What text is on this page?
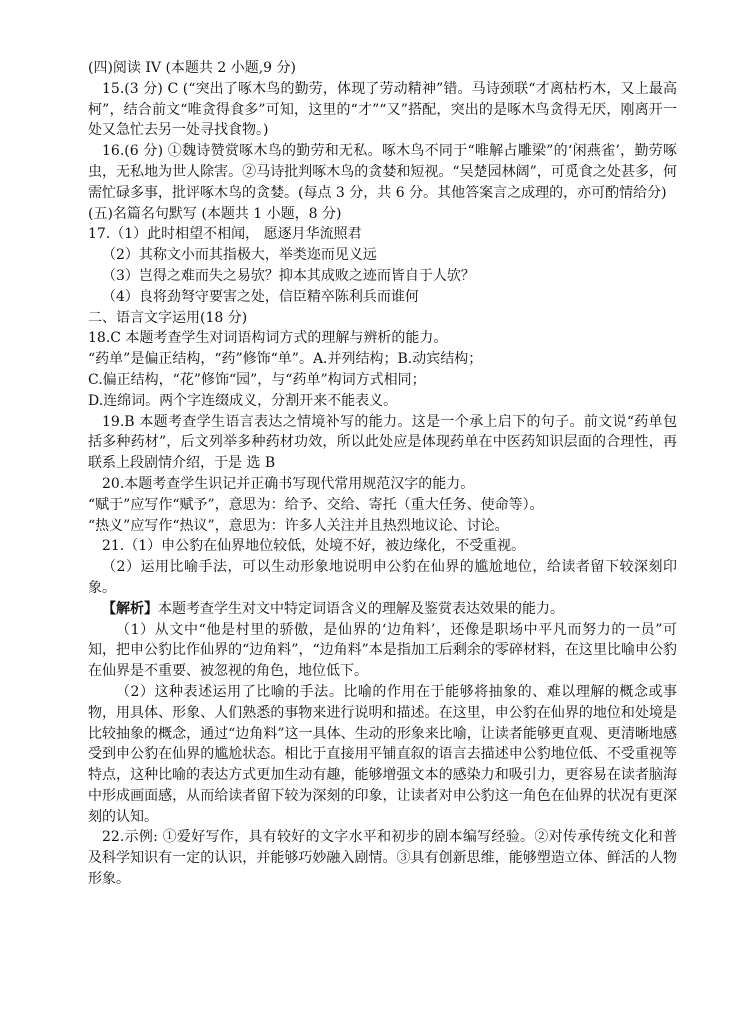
(四)阅读 IV (本题共 2 小题,9 分)

15.(3 分) C (“突出了啄木鸟的勤劳，体现了劳动精神”错。马诗颈联“才离枯朽木，又上最高柯”，结合前文“唯贪得食多”可知，这里的“才”“又”搭配，突出的是啄木鸟贪得无厌，刚离开一处又急忙去另一处寻找食物。)

16.(6 分) ①魏诗赞赏啄木鸟的勤劳和无私。啄木鸟不同于“唯解占雕梁”的‘闲燕雀’，勤劳啄虫，无私地为世人除害。②马诗批判啄木鸟的贪婪和短视。“吴楚园林阔”，可觅食之处甚多，何需忙碌多事，批评啄木鸟的贪婪。(每点 3 分，共 6 分。其他答案言之成理的，亦可酌情给分)

(五)名篇名句默写 (本题共 1 小题，8 分)

17.（1）此时相望不相闻， 愿逐月华流照君

（2）其称文小而其指极大，举类迩而见义远

（3）岂得之难而失之易欤？抑本其成败之迹而皆自于人欤？

（4）良将劲弩守要害之处，信臣精卒陈利兵而谁何

二、语言文字运用(18 分)

18.C 本题考查学生对词语构词方式的理解与辨析的能力。

“药单”是偏正结构，“药”修饰“单”。A.并列结构；B.动宾结构；

C.偏正结构，“花”修饰“园”，与“药单”构词方式相同；

D.连绵词。两个字连缀成义，分割开来不能表义。

19.B 本题考查学生语言表达之情境补写的能力。这是一个承上启下的句子。前文说“药单包括多种药材”，后文列举多种药材功效，所以此处应是体现药单在中医药知识层面的合理性，再联系上段剧情介绍，于是 选 B

20.本题考查学生识记并正确书写现代常用规范汉字的能力。

“赋于”应写作“赋予”，意思为：给予、交给、寄托（重大任务、使命等）。

“热义”应写作“热议”，意思为：许多人关注并且热烈地议论、讨论。

21.（1）申公豹在仙界地位较低，处境不好，被边缘化，不受重视。

（2）运用比喻手法，可以生动形象地说明申公豹在仙界的尴尬地位，给读者留下较深刻印象。

【解析】本题考查学生对文中特定词语含义的理解及鉴赏表达效果的能力。

（1）从文中“他是村里的骄傲，是仙界的‘边角料’，还像是职场中平凡而努力的一员”可知，把申公豹比作仙界的“边角料”，“边角料”本是指加工后剩余的零碎材料，在这里比喻申公豹在仙界是不重要、被忽视的角色，地位低下。

（2）这种表述运用了比喻的手法。比喻的作用在于能够将抽象的、难以理解的概念或事物，用具体、形象、人们熟悉的事物来进行说明和描述。在这里，申公豹在仙界的地位和处境是比较抽象的概念，通过“边角料”这一具体、生动的形象来比喻，让读者能够更直观、更清晰地感受到申公豹在仙界的尴尬状态。相比于直接用平铺直叙的语言去描述申公豹地位低、不受重视等特点，这种比喻的表达方式更加生动有趣，能够增强文本的感染力和吸引力，更容易在读者脑海中形成画面感，从而给读者留下较为深刻的印象，让读者对申公豹这一角色在仙界的状况有更深刻的认知。

22.示例: ①爱好写作，具有较好的文字水平和初步的剧本编写经验。②对传承传统文化和普及科学知识有一定的认识，并能够巧妙融入剧情。③具有创新思维，能够塑造立体、鲜活的人物形象。
